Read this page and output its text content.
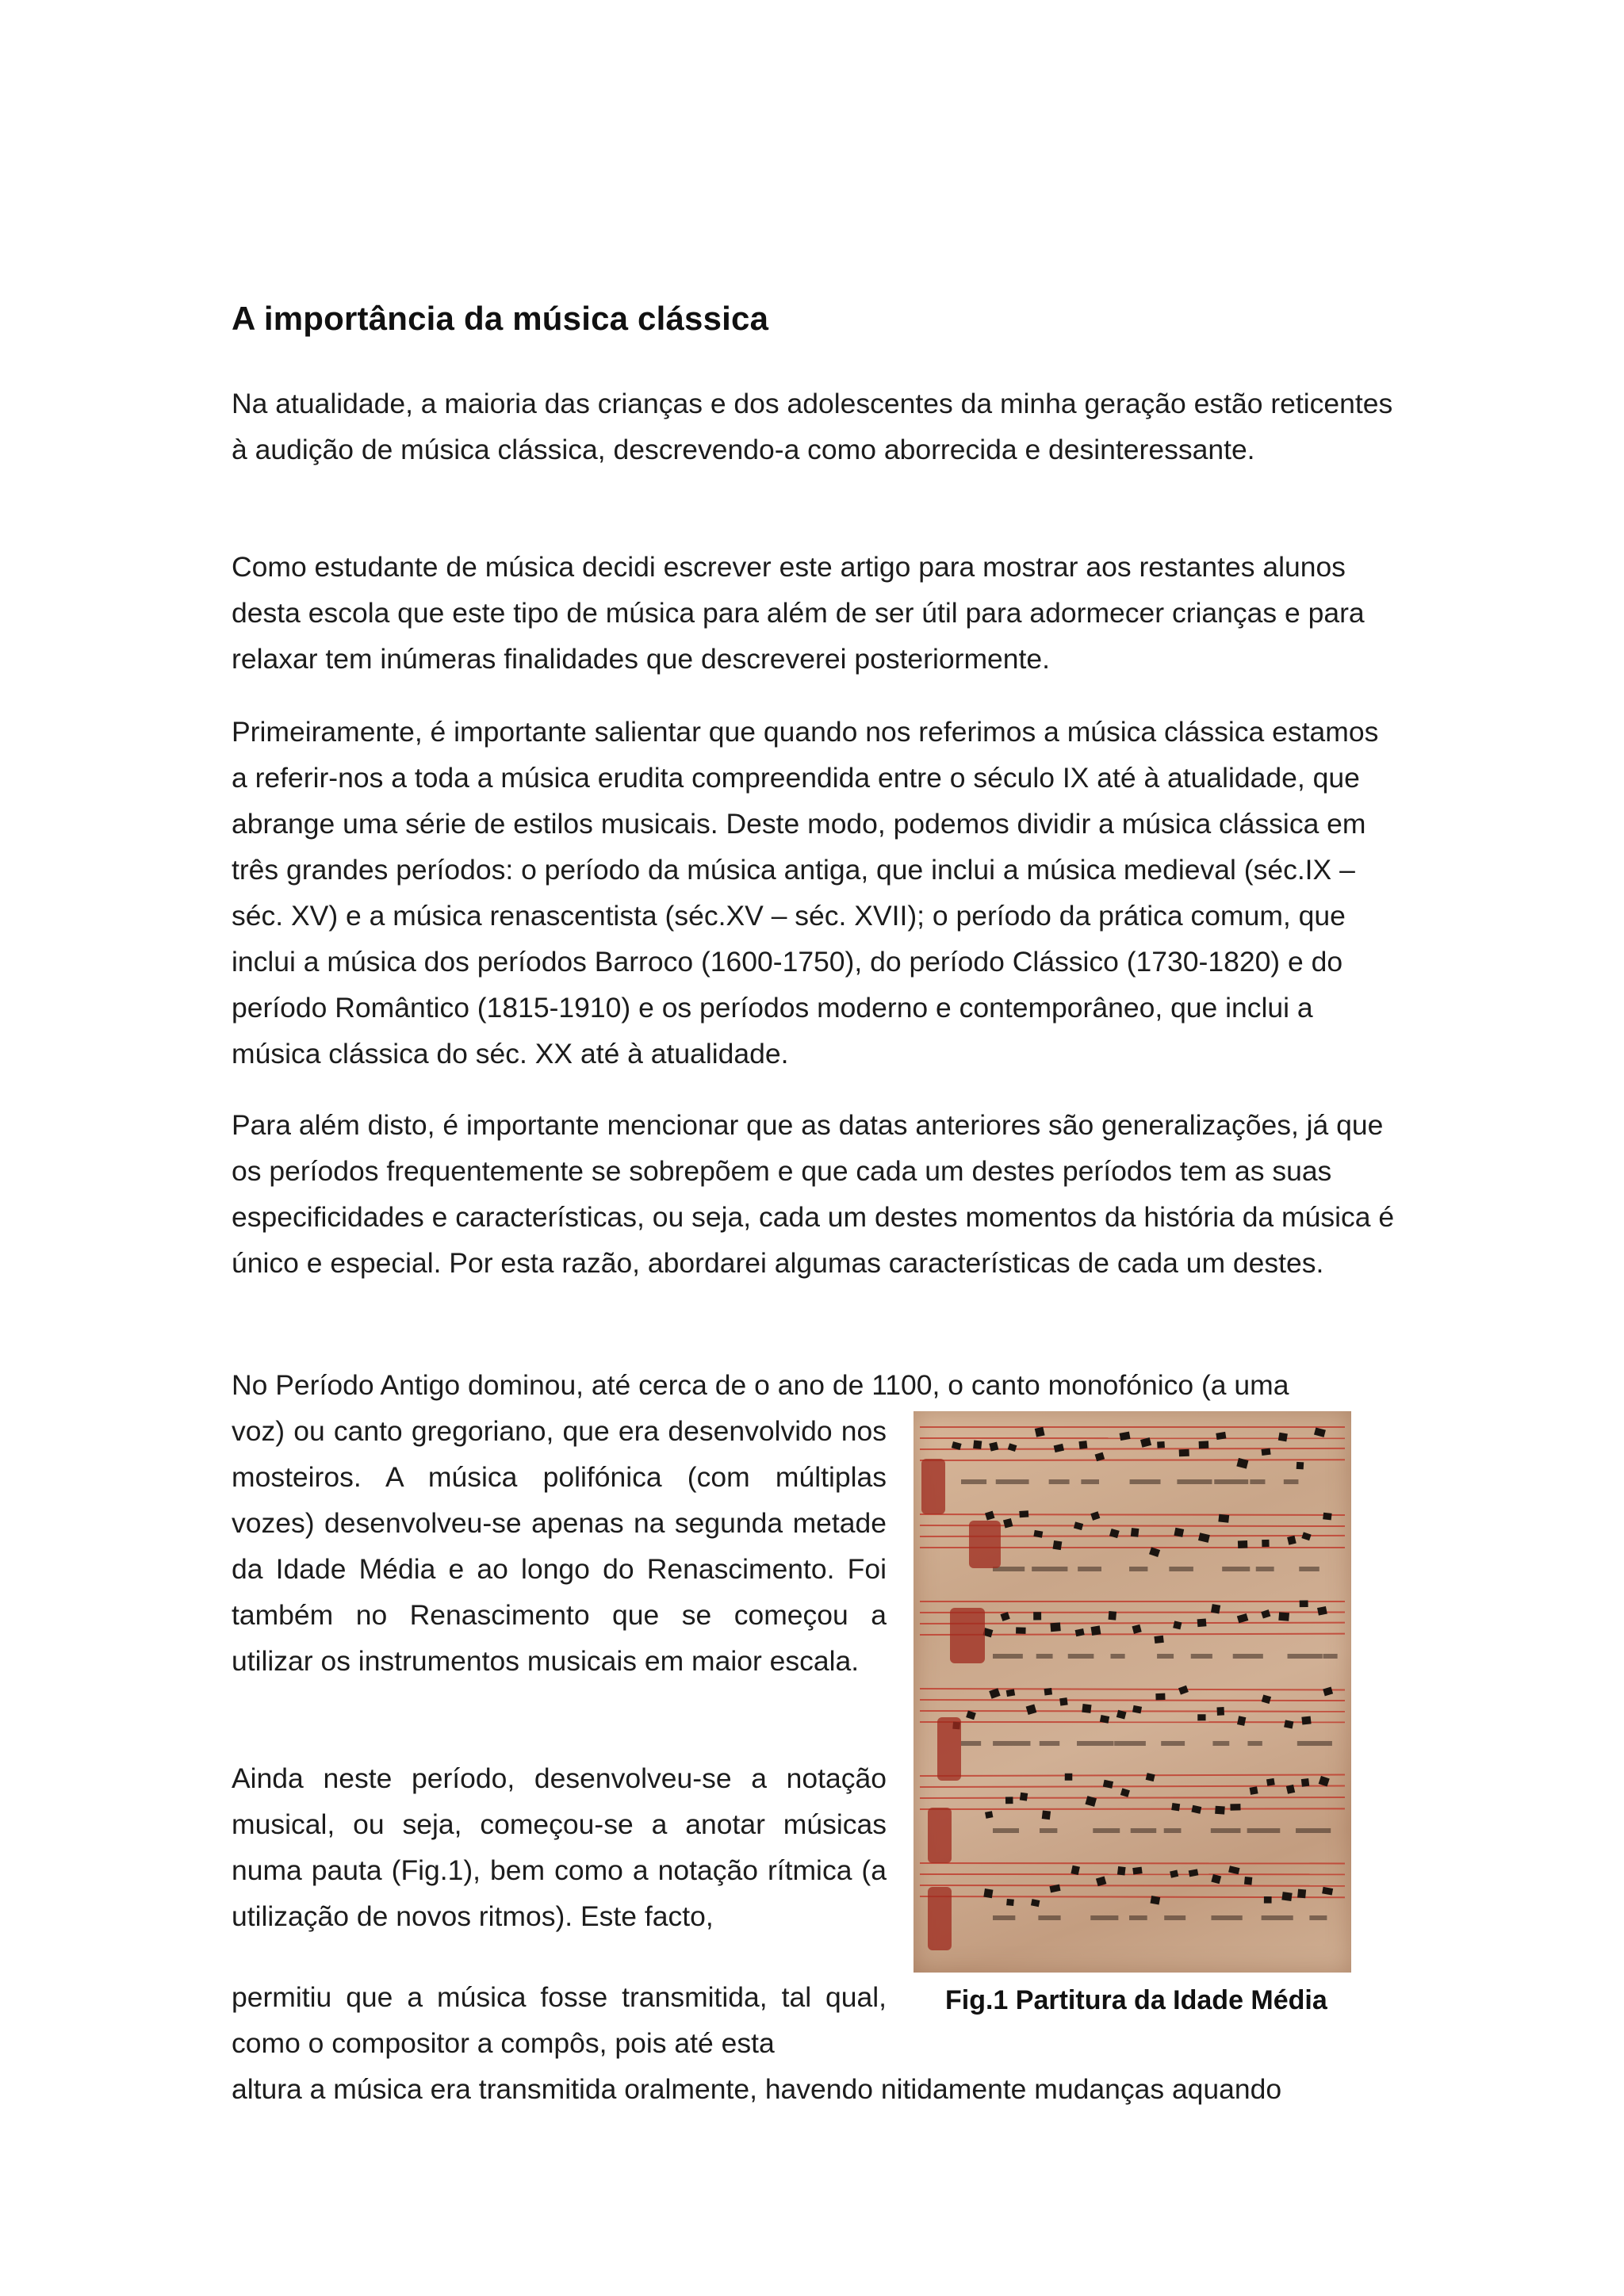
A importância da música clássica

Na atualidade, a maioria das crianças e dos adolescentes da minha geração estão reticentes à audição de música clássica, descrevendo-a como aborrecida e desinteressante.

Como estudante de música decidi escrever este artigo para mostrar aos restantes alunos desta escola que este tipo de música para além de ser útil para adormecer crianças e para relaxar tem inúmeras finalidades que descreverei posteriormente.

Primeiramente, é importante salientar que quando nos referimos a música clássica estamos a referir-nos a toda a música erudita compreendida entre o século IX até à atualidade, que abrange uma série de estilos musicais. Deste modo, podemos dividir a música clássica em três grandes períodos: o período da música antiga, que inclui a música medieval (séc.IX – séc. XV) e a música renascentista (séc.XV – séc. XVII); o período da prática comum, que inclui a música dos períodos Barroco (1600-1750), do período Clássico (1730-1820) e do período Romântico (1815-1910) e os períodos moderno e contemporâneo, que inclui a música clássica do séc. XX até à atualidade.

Para além disto, é importante mencionar que as datas anteriores são generalizações, já que os períodos frequentemente se sobrepõem e que cada um destes períodos tem as suas especificidades e características, ou seja, cada um destes momentos da história da música é único e especial. Por esta razão, abordarei algumas características de cada um destes.

No Período Antigo dominou, até cerca de o ano de 1100, o canto monofónico (a uma

voz) ou canto gregoriano, que era desenvolvido nos mosteiros. A música polifónica (com múltiplas vozes) desenvolveu-se apenas na segunda metade da Idade Média e ao longo do Renascimento. Foi também no Renascimento que se começou a utilizar os instrumentos musicais em maior escala.

Ainda neste período, desenvolveu-se a notação musical, ou seja, começou-se a anotar músicas numa pauta (Fig.1), bem como a notação rítmica (a utilização de novos ritmos). Este facto,

permitiu que a música fosse transmitida, tal qual, como o compositor a compôs, pois até esta

altura a música era transmitida oralmente, havendo nitidamente mudanças aquando

Fig.1 Partitura da Idade Média
